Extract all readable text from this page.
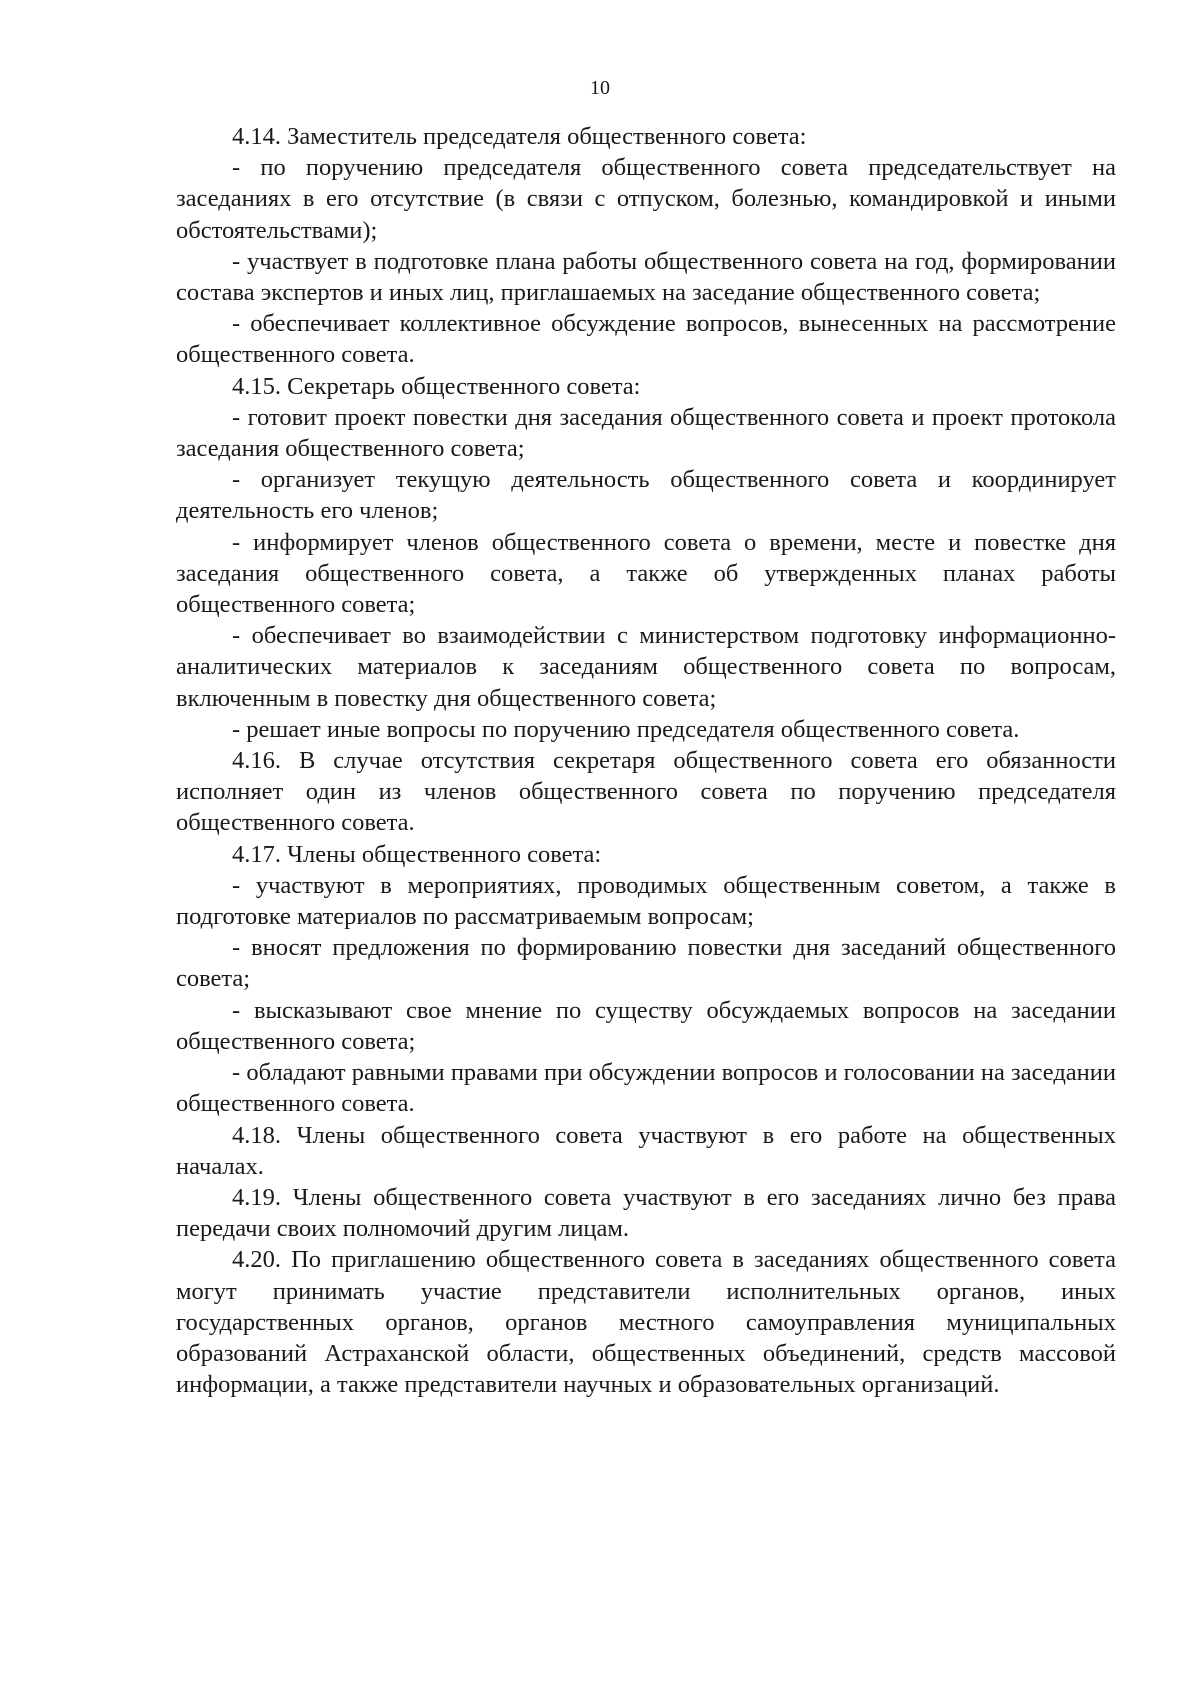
10

4.14. Заместитель председателя общественного совета:

- по поручению председателя общественного совета председательствует на заседаниях в его отсутствие (в связи с отпуском, болезнью, командировкой и иными обстоятельствами);

- участвует в подготовке плана работы общественного совета на год, формировании состава экспертов и иных лиц, приглашаемых на заседание общественного совета;

- обеспечивает коллективное обсуждение вопросов, вынесенных на рассмотрение общественного совета.

4.15. Секретарь общественного совета:

- готовит проект повестки дня заседания общественного совета и проект протокола заседания общественного совета;

- организует текущую деятельность общественного совета и координирует деятельность его членов;

- информирует членов общественного совета о времени, месте и повестке дня заседания общественного совета, а также об утвержденных планах работы общественного совета;

- обеспечивает во взаимодействии с министерством подготовку информационно-аналитических материалов к заседаниям общественного совета по вопросам, включенным в повестку дня общественного совета;

- решает иные вопросы по поручению председателя общественного совета.

4.16. В случае отсутствия секретаря общественного совета его обязанности исполняет один из членов общественного совета по поручению председателя общественного совета.

4.17. Члены общественного совета:

- участвуют в мероприятиях, проводимых общественным советом, а также в подготовке материалов по рассматриваемым вопросам;

- вносят предложения по формированию повестки дня заседаний общественного совета;

- высказывают свое мнение по существу обсуждаемых вопросов на заседании общественного совета;

- обладают равными правами при обсуждении вопросов и голосовании на заседании общественного совета.

4.18. Члены общественного совета участвуют в его работе на общественных началах.

4.19. Члены общественного совета участвуют в его заседаниях лично без права передачи своих полномочий другим лицам.

4.20. По приглашению общественного совета в заседаниях общественного совета могут принимать участие представители исполнительных органов, иных государственных органов, органов местного самоуправления муниципальных образований Астраханской области, общественных объединений, средств массовой информации, а также представители научных и образовательных организаций.
